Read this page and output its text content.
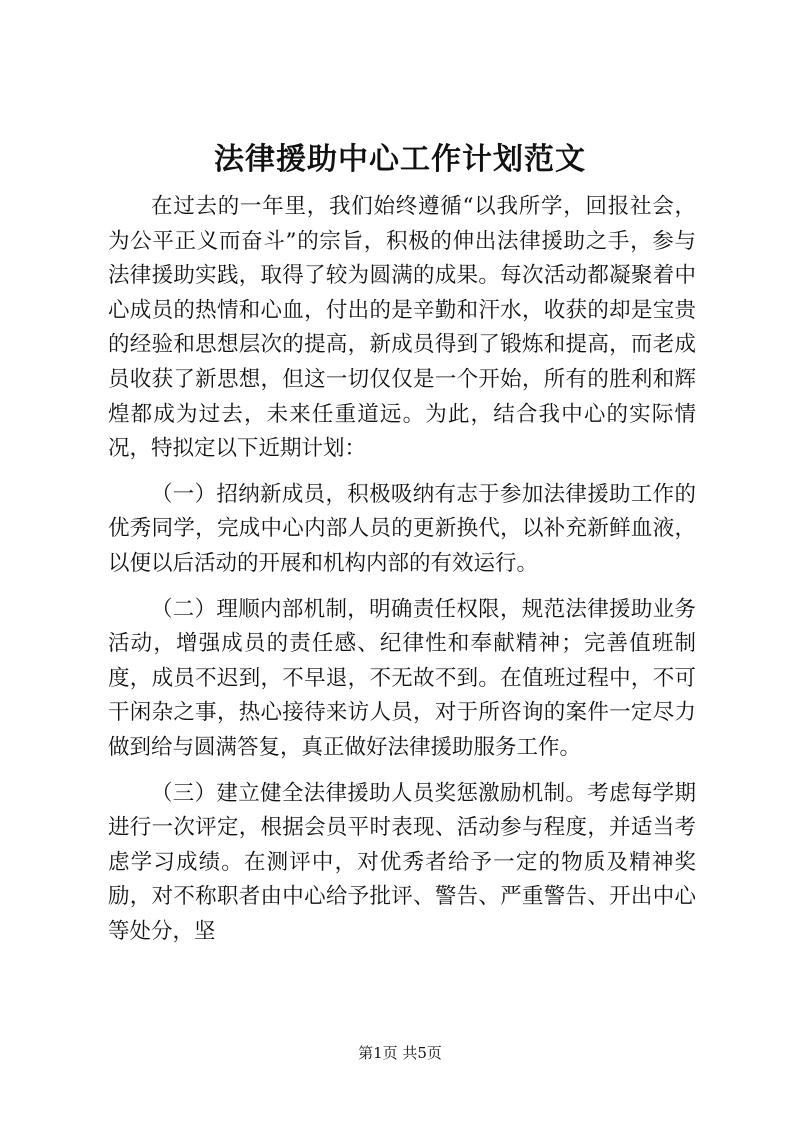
法律援助中心工作计划范文

在过去的一年里，我们始终遵循“以我所学，回报社会，为公平正义而奋斗”的宗旨，积极的伸出法律援助之手，参与法律援助实践，取得了较为圆满的成果。每次活动都凝聚着中心成员的热情和心血，付出的是辛勤和汗水，收获的却是宝贵的经验和思想层次的提高，新成员得到了锻炼和提高，而老成员收获了新思想，但这一切仅仅是一个开始，所有的胜利和辉煌都成为过去，未来任重道远。为此，结合我中心的实际情况，特拟定以下近期计划：

（一）招纳新成员，积极吸纳有志于参加法律援助工作的优秀同学，完成中心内部人员的更新换代，以补充新鲜血液，以便以后活动的开展和机构内部的有效运行。

（二）理顺内部机制，明确责任权限，规范法律援助业务活动，增强成员的责任感、纪律性和奉献精神；完善值班制度，成员不迟到，不早退，不无故不到。在值班过程中，不可干闲杂之事，热心接待来访人员，对于所咨询的案件一定尽力做到给与圆满答复，真正做好法律援助服务工作。

（三）建立健全法律援助人员奖惩激励机制。考虑每学期进行一次评定，根据会员平时表现、活动参与程度，并适当考虑学习成绩。在测评中，对优秀者给予一定的物质及精神奖励，对不称职者由中心给予批评、警告、严重警告、开出中心等处分，坚

第1页 共5页
